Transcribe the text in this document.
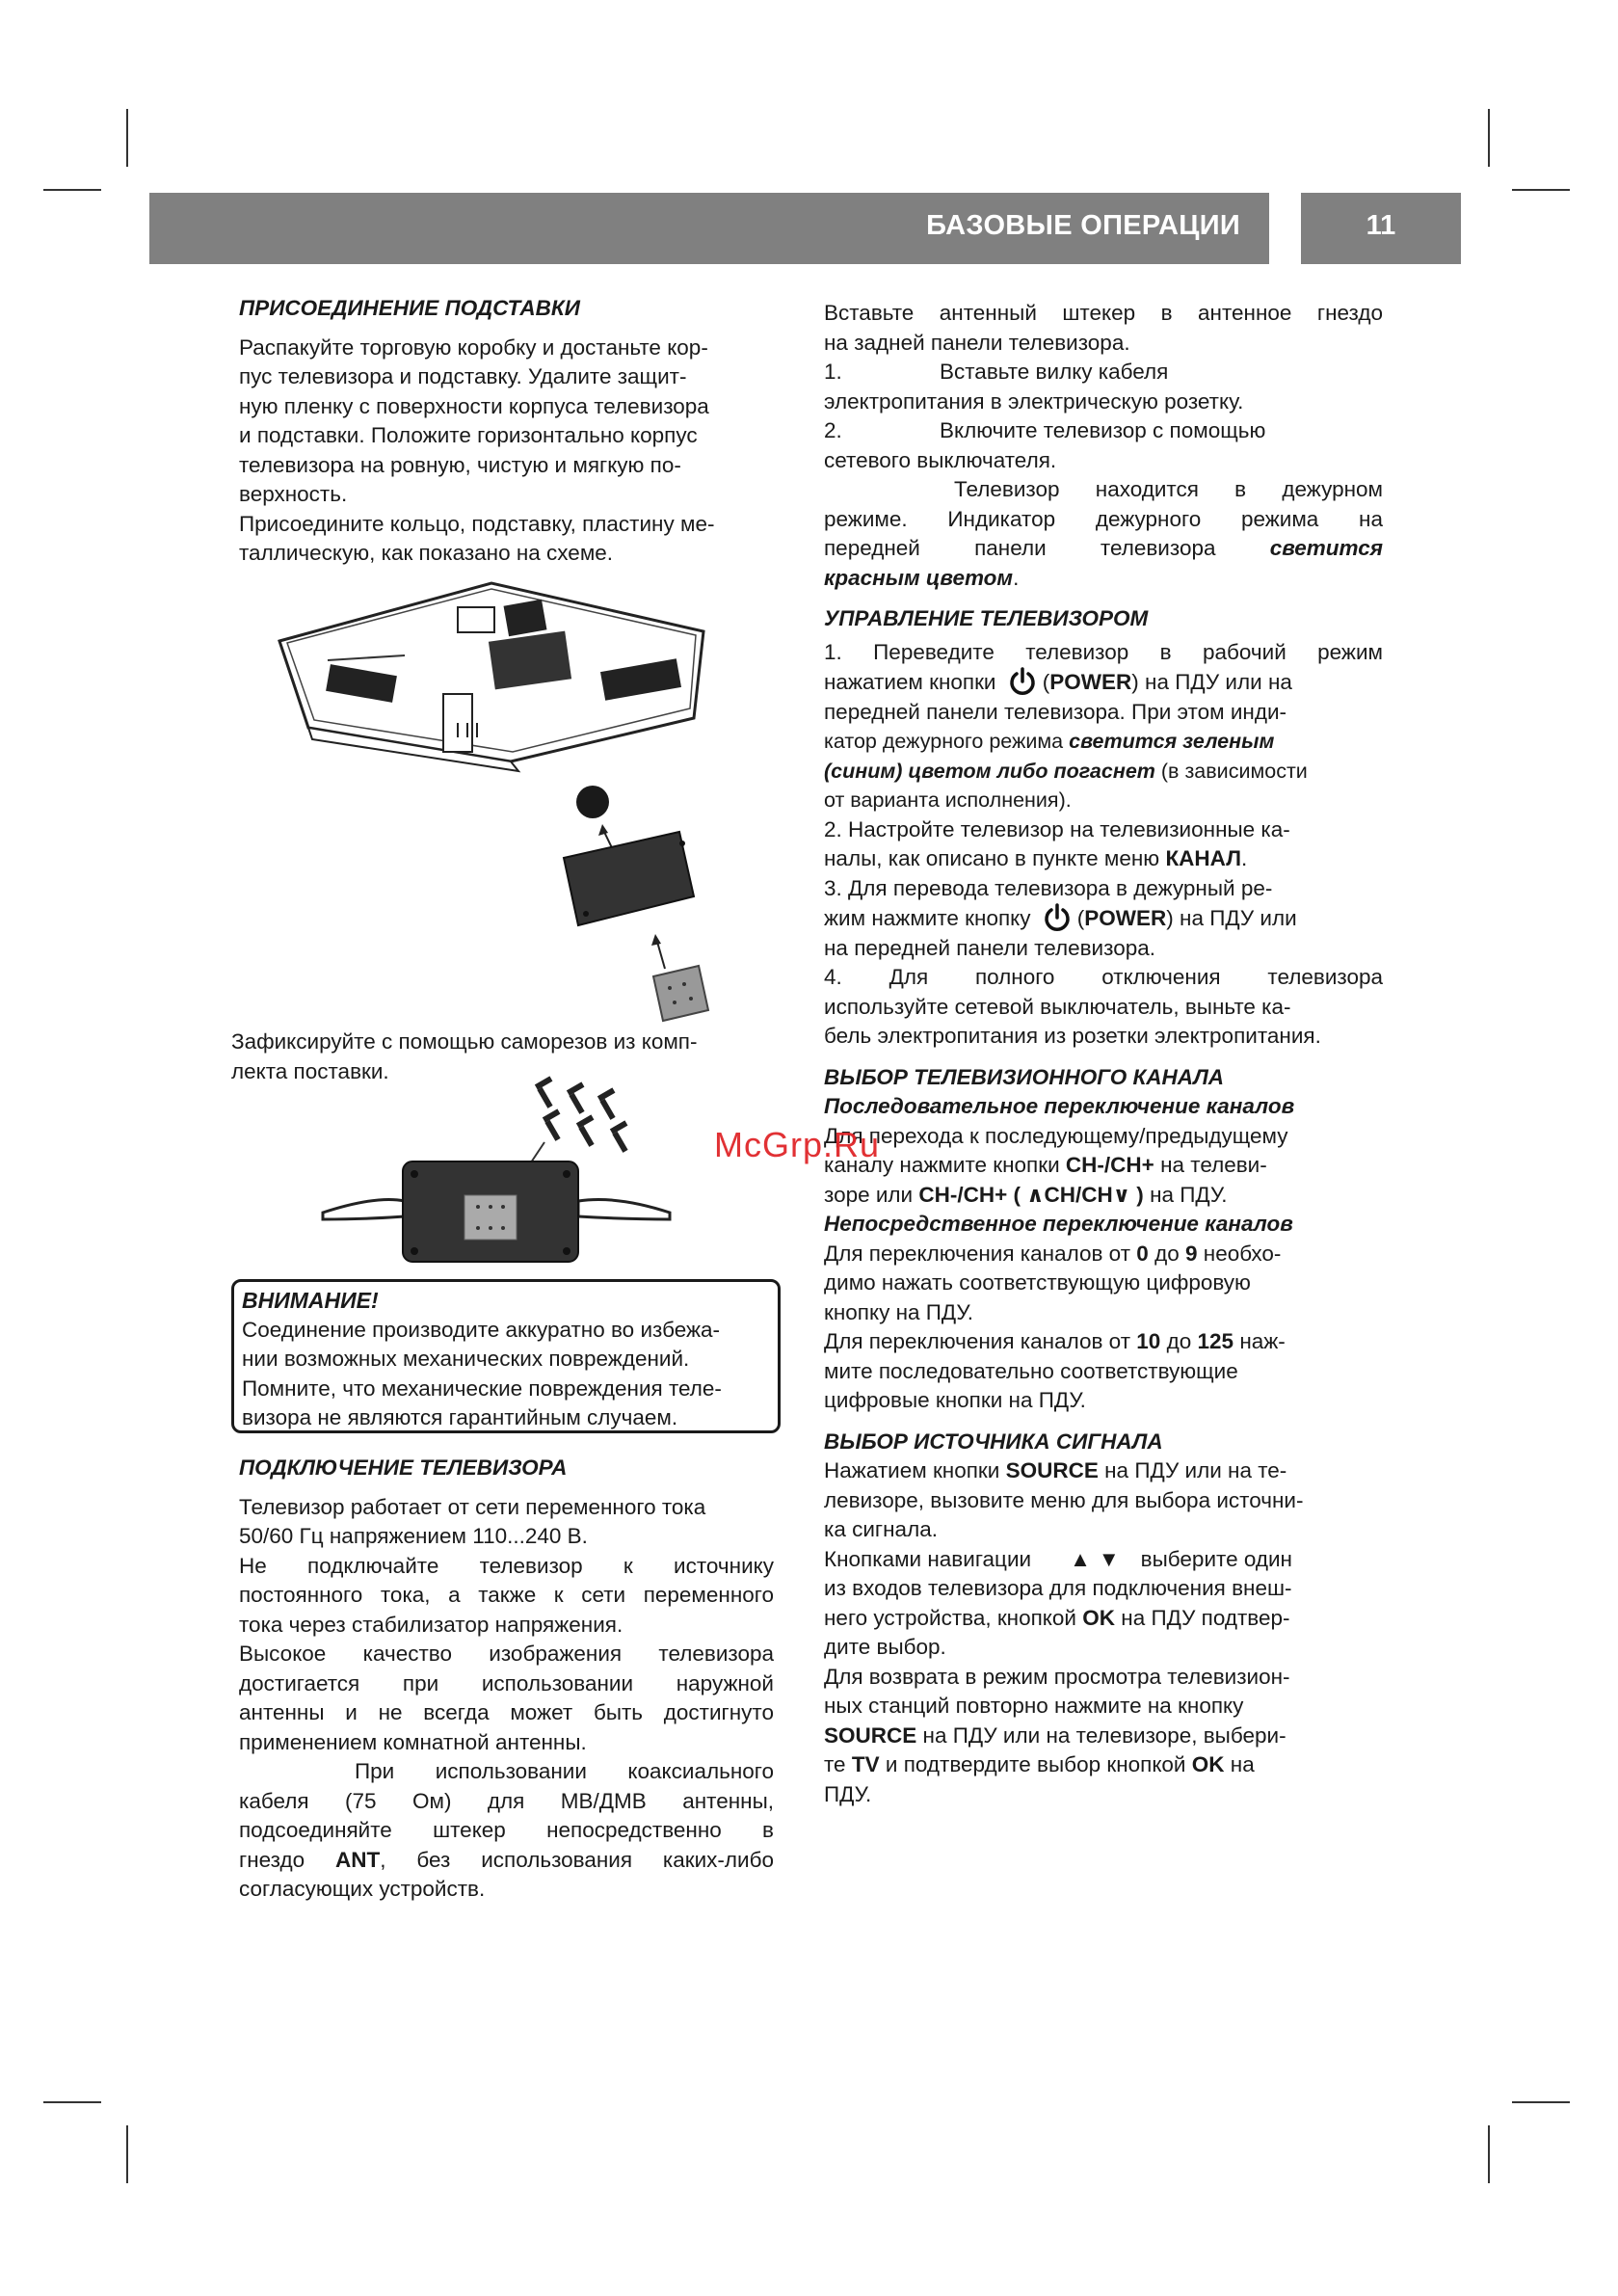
БАЗОВЫЕ ОПЕРАЦИИ	11

ПРИСОЕДИНЕНИЕ ПОДСТАВКИ

Распакуйте торговую коробку и достаньте кор-

пус телевизора и подставку. Удалите защит-

ную пленку с поверхности корпуса телевизора

и подставки. Положите горизонтально корпус

телевизора на ровную, чистую и мягкую по-

верхность.

Присоедините кольцо, подставку, пластину ме-

таллическую, как показано на схеме.

Зафиксируйте с помощью саморезов из комп-

лекта поставки.

ВНИМАНИЕ!

Соединение производите аккуратно во избежа-

нии возможных механических повреждений.

Помните, что механические повреждения теле-

визора не являются гарантийным случаем.

ПОДКЛЮЧЕНИЕ ТЕЛЕВИЗОРА

Телевизор работает от сети переменного тока

50/60 Гц напряжением 110...240 В.

Не подключайте телевизор к источнику

постоянного тока, а также к сети переменного

тока через стабилизатор напряжения.

Высокое качество изображения телевизора

достигается при использовании наружной

антенны и не всегда может быть достигнуто

применением комнатной антенны.

При использовании коаксиального

кабеля (75 Ом) для МВ/ДМВ антенны,

подсоединяйте штекер непосредственно в

гнездо ANT, без использования каких-либо

согласующих устройств.

Вставьте антенный штекер в антенное гнездо

на задней панели телевизора.

1.	Вставьте вилку кабеля

электропитания в электрическую розетку.

2.	Включите телевизор с помощью

сетевого выключателя.

Телевизор находится в дежурном

режиме. Индикатор дежурного режима на

передней панели телевизора светится

красным цветом.

УПРАВЛЕНИЕ ТЕЛЕВИЗОРОМ

1. Переведите телевизор в рабочий режим

нажатием кнопки (POWER) на ПДУ или на

передней панели телевизора. При этом инди-

катор дежурного режима светится зеленым

(синим) цветом либо погаснет (в зависимости

от варианта исполнения).

2. Настройте телевизор на телевизионные ка-

налы, как описано в пункте меню КАНАЛ.

3. Для перевода телевизора в дежурный ре-

жим нажмите кнопку (POWER) на ПДУ или

на передней панели телевизора.

4. Для полного отключения телевизора

используйте сетевой выключатель, выньте ка-

бель электропитания из розетки электропитания.

ВЫБОР ТЕЛЕВИЗИОННОГО КАНАЛА

Последовательное переключение каналов

Для перехода к последующему/предыдущему

каналу нажмите кнопки CH-/CH+ на телеви-

зоре или CH-/CH+ ( ∧CH/CH∨ ) на ПДУ.

Непосредственное переключение каналов

Для переключения каналов от 0 до 9 необхо-

димо нажать соответствующую цифровую

кнопку на ПДУ.

Для переключения каналов от 10 до 125 наж-

мите последовательно соответствующие

цифровые кнопки на ПДУ.

ВЫБОР ИСТОЧНИКА СИГНАЛА

Нажатием кнопки SOURCE на ПДУ или на те-

левизоре, вызовите меню для выбора источни-

ка сигнала.

Кнопками навигации ▲▼ выберите один

из входов телевизора для подключения внеш-

него устройства, кнопкой OK на ПДУ подтвер-

дите выбор.

Для возврата в режим просмотра телевизион-

ных станций повторно нажмите на кнопку

SOURCE на ПДУ или на телевизоре, выбери-

те TV и подтвердите выбор кнопкой OK на

ПДУ.

McGrp.Ru
